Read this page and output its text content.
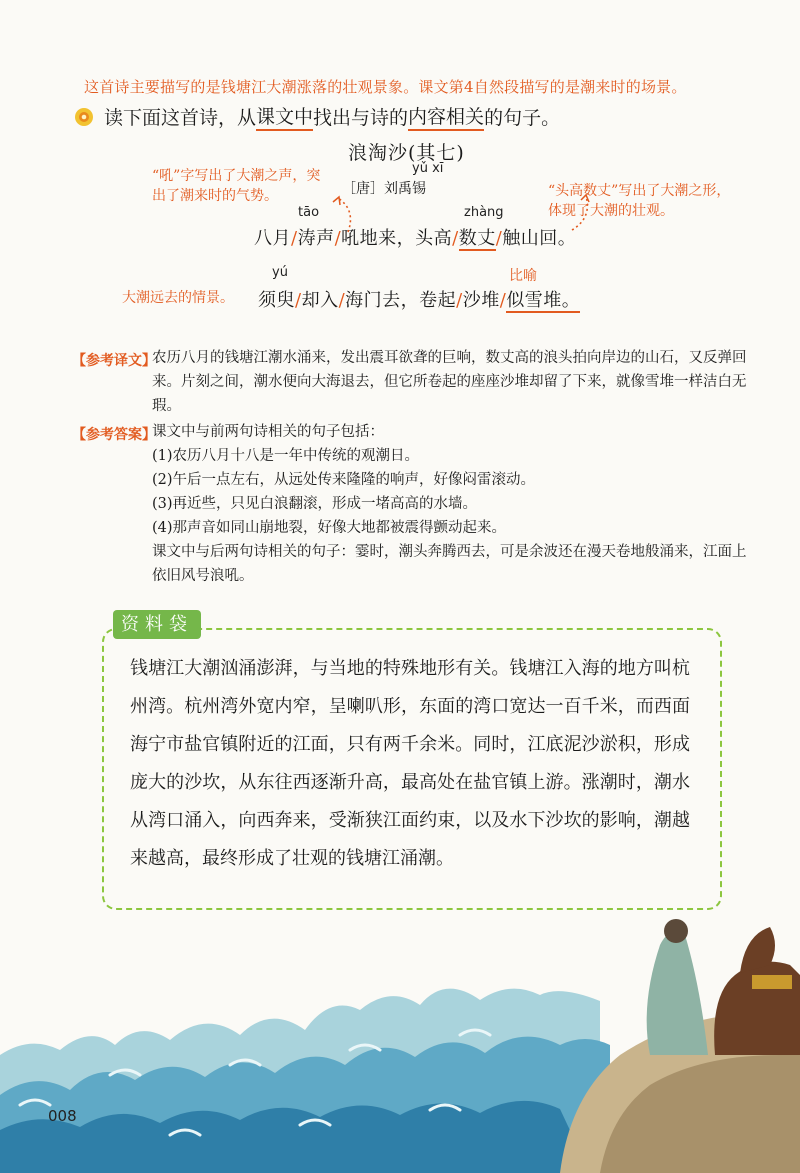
这首诗主要描写的是钱塘江大潮涨落的壮观景象。课文第4自然段描写的是潮来时的场景。
读下面这首诗，从 课文中 找出与诗的 内容相关 的句子。
浪淘沙(其七)
yǔ xī
［唐］刘禹锡
“吼”字写出了大潮之声，突出了潮来时的气势。	“头高数丈”写出了大潮之形，体现了大潮的壮观。
tāo	zhàng
八月/涛声/吼地来，头高/数丈/触山回。
yú	比喻
大潮远去的情景。 须臾/却入/海门去，卷起/沙堆/似雪堆。
【参考译文】
农历八月的钱塘江潮水涌来，发出震耳欲聋的巨响，数丈高的浪头拍向岸边的山石，又反弹回来。片刻之间，潮水便向大海退去，但它所卷起的座座沙堆却留了下来，就像雪堆一样洁白无瑕。
【参考答案】
课文中与前两句诗相关的句子包括：
(1)农历八月十八是一年中传统的观潮日。
(2)午后一点左右，从远处传来隆隆的响声，好像闷雷滚动。
(3)再近些，只见白浪翻滚，形成一堵高高的水墙。
(4)那声音如同山崩地裂，好像大地都被震得颤动起来。
课文中与后两句诗相关的句子：霎时，潮头奔腾西去，可是余波还在漫天卷地般涌来，江面上依旧风号浪吼。
资料袋
钱塘江大潮汹涌澎湃，与当地的特殊地形有关。钱塘江入海的地方叫杭州湾。杭州湾外宽内窄，呈喇叭形，东面的湾口宽达一百千米，而西面海宁市盐官镇附近的江面，只有两千余米。同时，江底泥沙淤积，形成庞大的沙坎，从东往西逐渐升高，最高处在盐官镇上游。涨潮时，潮水从湾口涌入，向西奔来，受渐狭江面约束，以及水下沙坎的影响，潮越来越高，最终形成了壮观的钱塘江涌潮。
008
